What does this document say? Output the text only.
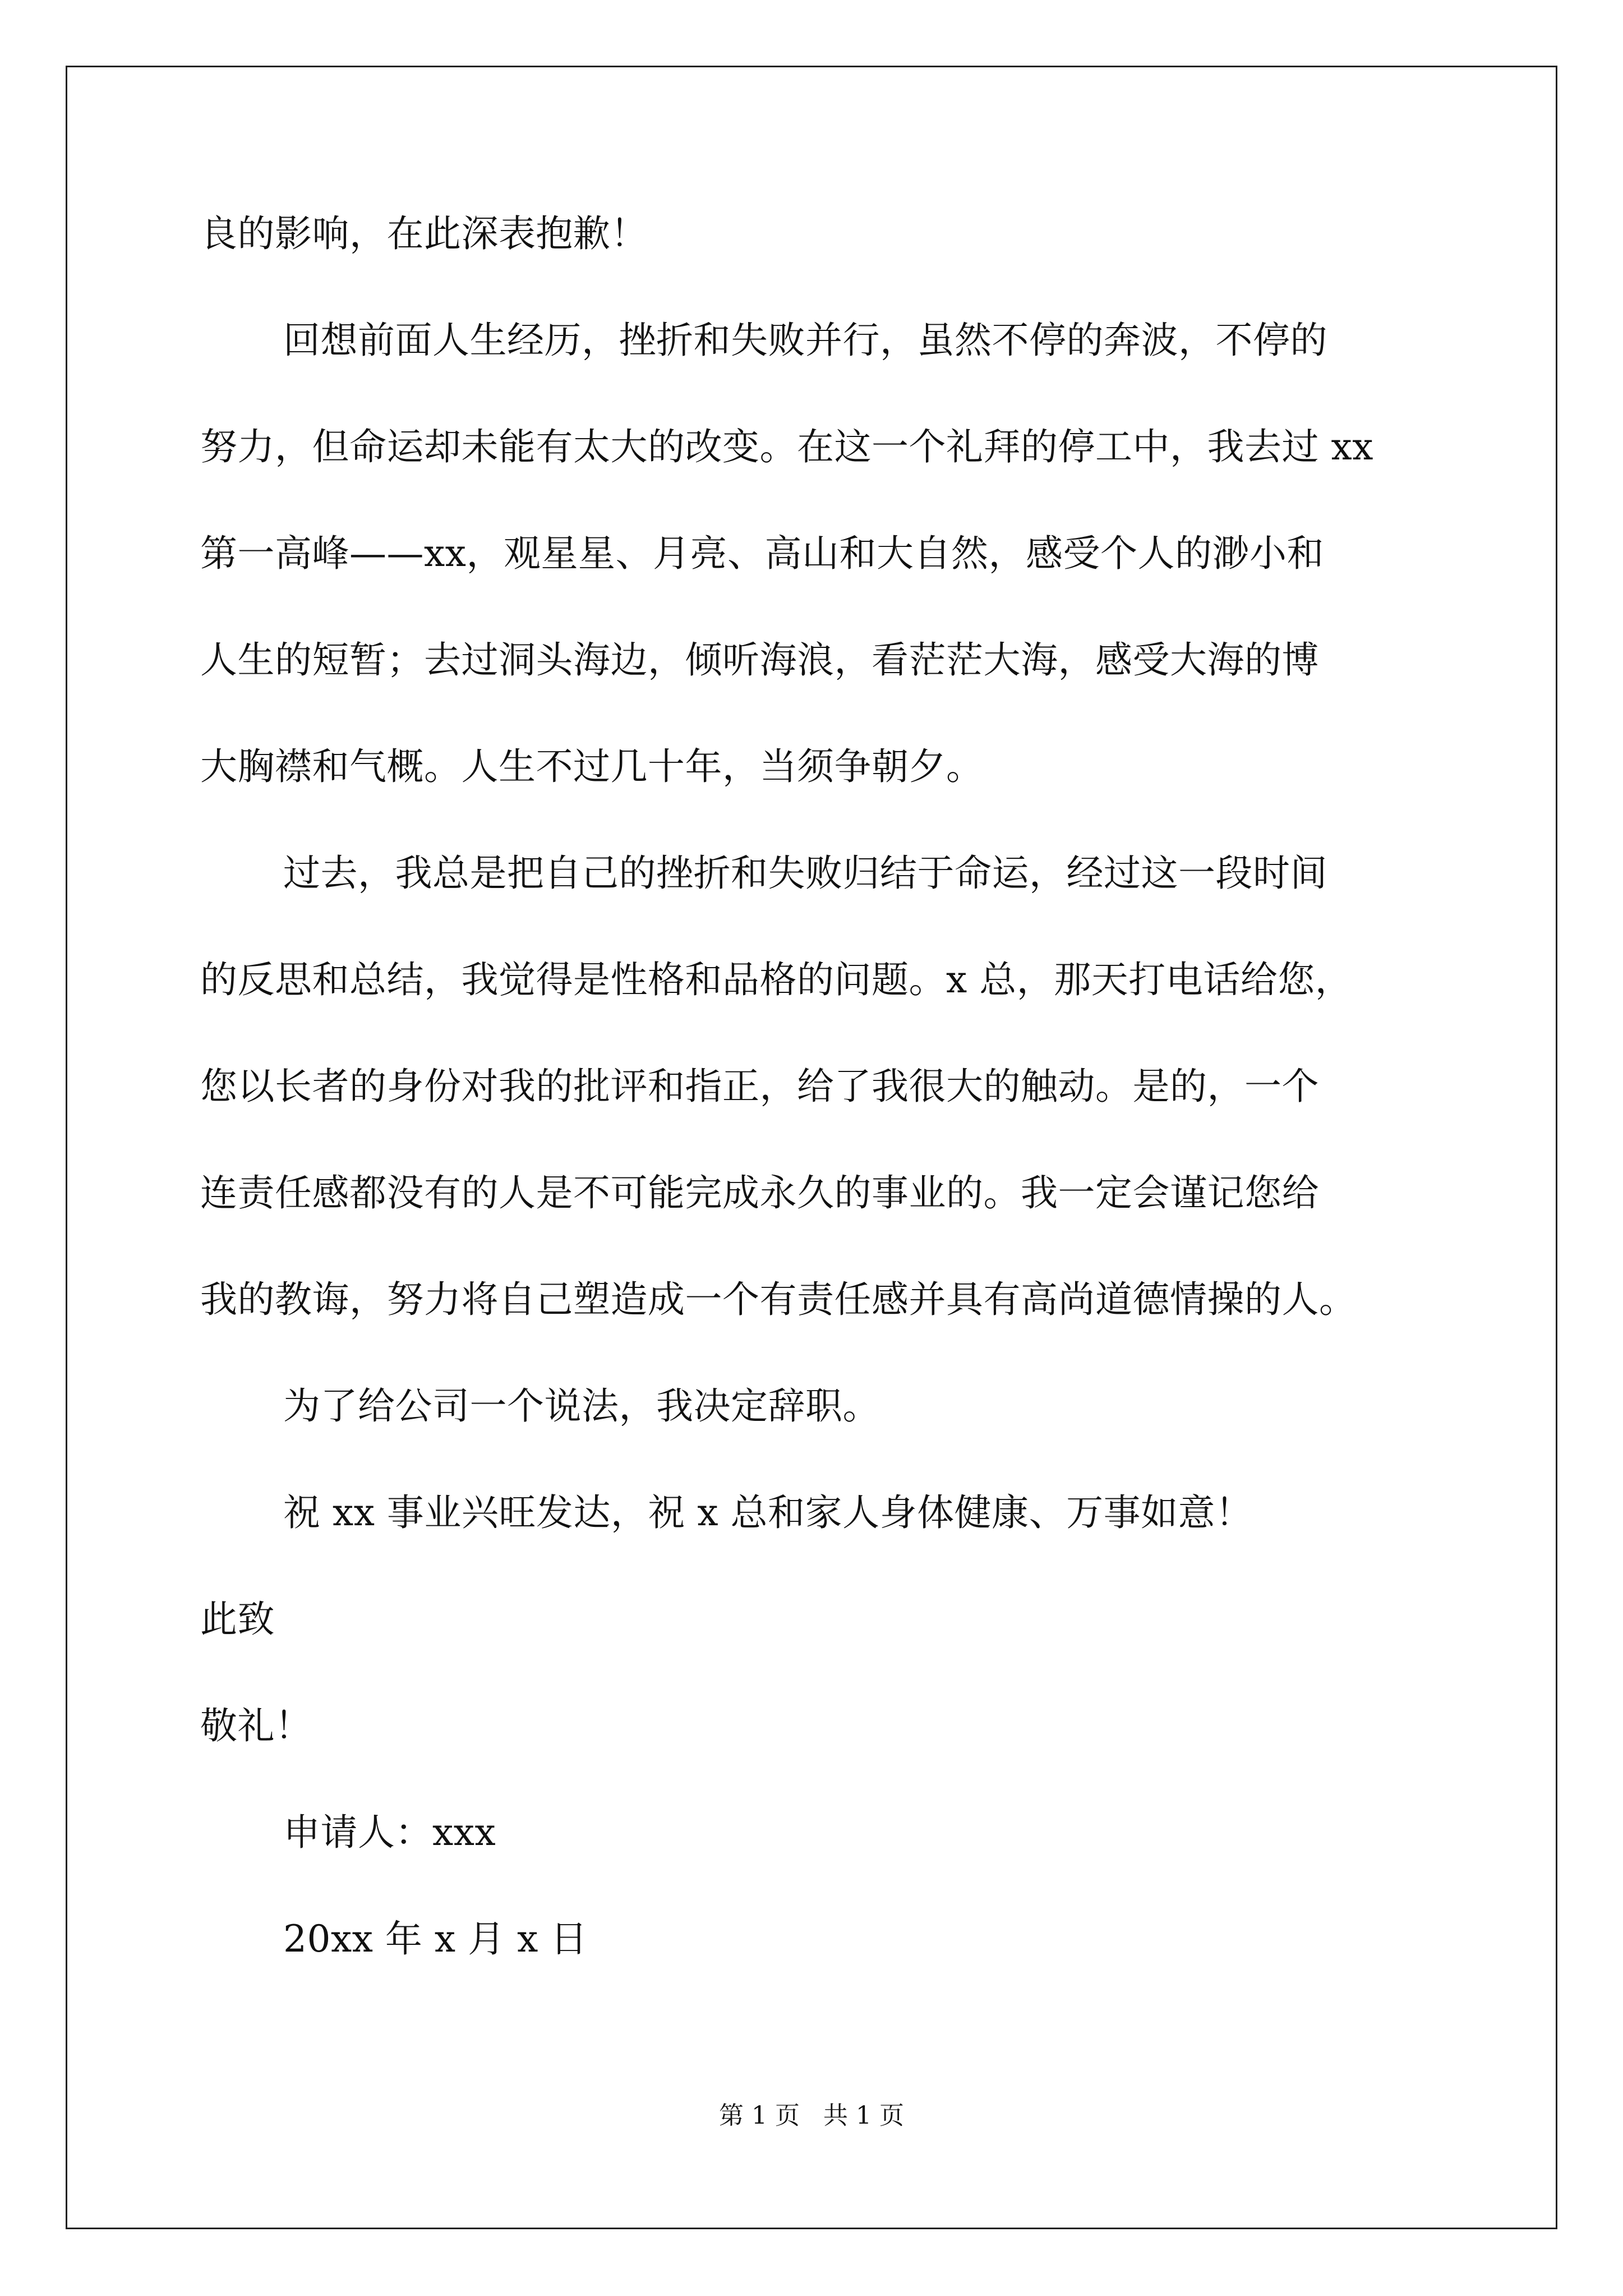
良的影响，在此深表抱歉！
回想前面人生经历，挫折和失败并行，虽然不停的奔波，不停的
努力，但命运却未能有太大的改变。在这一个礼拜的停工中，我去过 xx
第一高峰——xx，观星星、月亮、高山和大自然，感受个人的渺小和
人生的短暂；去过洞头海边，倾听海浪，看茫茫大海，感受大海的博
大胸襟和气概。人生不过几十年，当须争朝夕。
过去，我总是把自己的挫折和失败归结于命运，经过这一段时间
的反思和总结，我觉得是性格和品格的问题。x 总，那天打电话给您，
您以长者的身份对我的批评和指正，给了我很大的触动。是的，一个
连责任感都没有的人是不可能完成永久的事业的。我一定会谨记您给
我的教诲，努力将自己塑造成一个有责任感并具有高尚道德情操的人。
为了给公司一个说法，我决定辞职。
祝 xx 事业兴旺发达，祝 x 总和家人身体健康、万事如意！
此致
敬礼！
申请人：xxx
20xx 年 x 月 x 日
第 1 页   共 1 页
